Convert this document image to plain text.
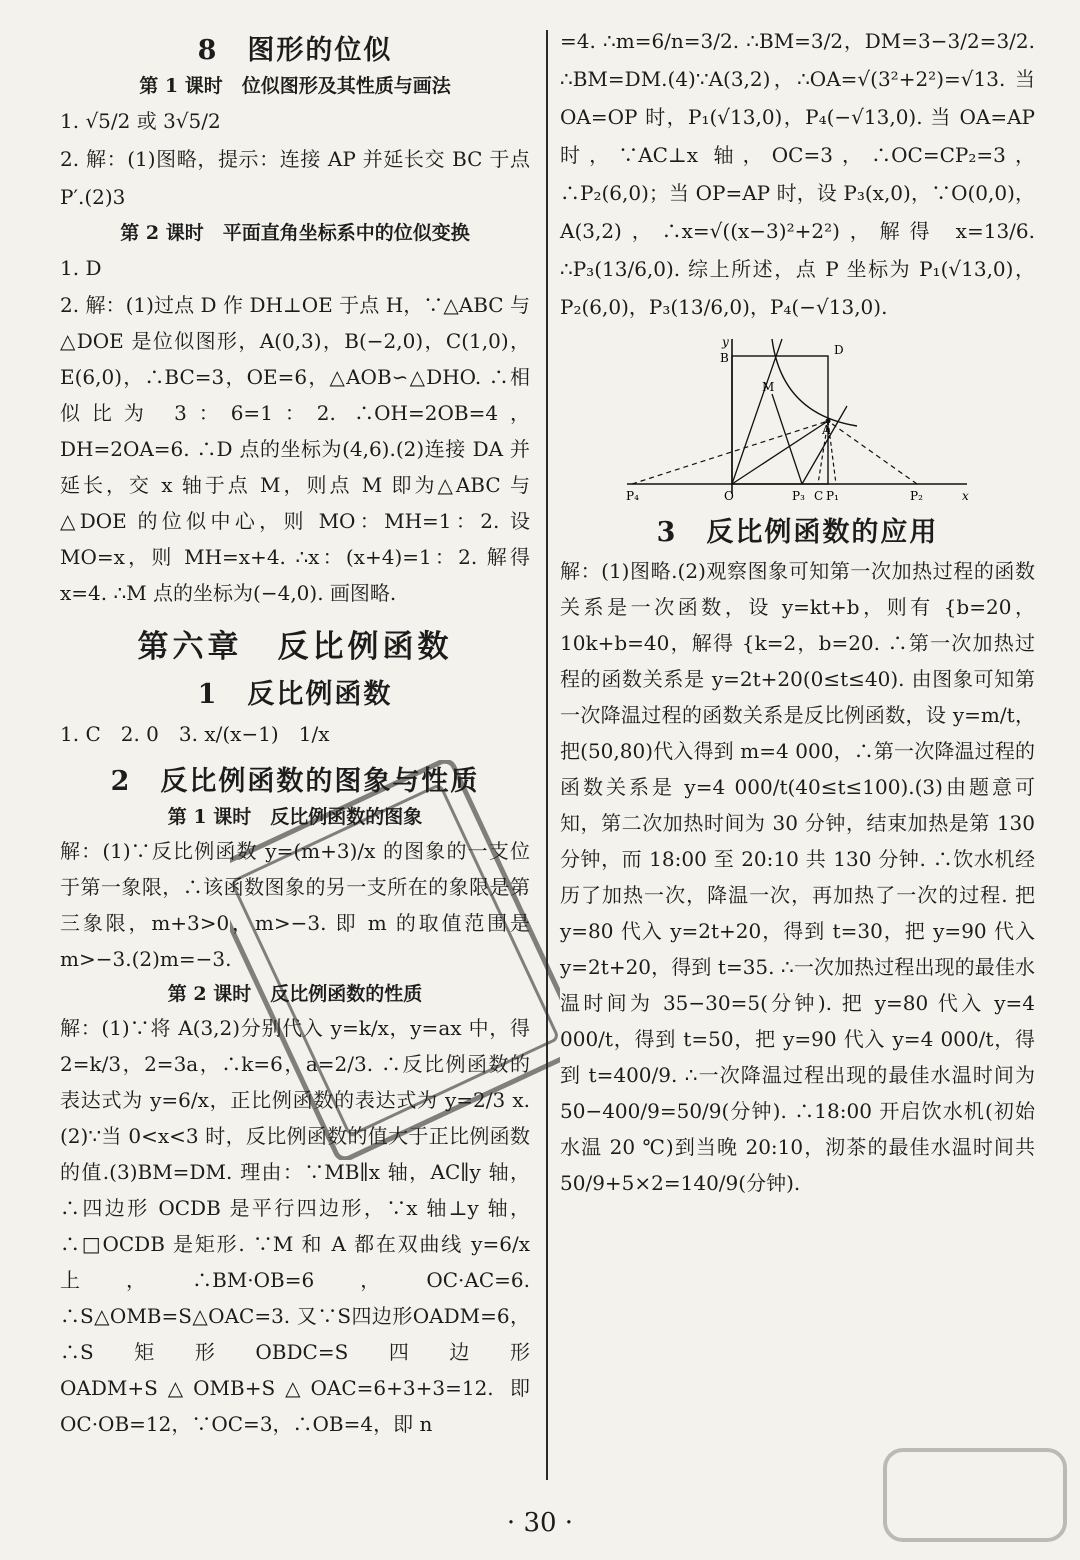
8　图形的位似
第 1 课时　位似图形及其性质与画法

1. √5/2 或 3√5/2

2. 解：(1)图略，提示：连接 AP 并延长交 BC 于点 P′.(2)3

第 2 课时　平面直角坐标系中的位似变换

1. D

2. 解：(1)过点 D 作 DH⊥OE 于点 H，∵△ABC 与△DOE 是位似图形，A(0,3)，B(−2,0)，C(1,0)，E(6,0)，∴BC=3，OE=6，△AOB∽△DHO. ∴相似比为 3：6=1：2. ∴OH=2OB=4，DH=2OA=6. ∴D 点的坐标为(4,6).(2)连接 DA 并延长，交 x 轴于点 M，则点 M 即为△ABC 与△DOE 的位似中心，则 MO：MH=1：2. 设 MO=x，则 MH=x+4. ∴x：(x+4)=1：2. 解得 x=4. ∴M 点的坐标为(−4,0). 画图略.

第六章　反比例函数
1　反比例函数

1. C　2. 0　3. x/(x−1)　1/x

2　反比例函数的图象与性质
第 1 课时　反比例函数的图象

解：(1)∵反比例函数 y=(m+3)/x 的图象的一支位于第一象限，∴该函数图象的另一支所在的象限是第三象限，m+3>0，m>−3. 即 m 的取值范围是 m>−3.(2)m=−3.

第 2 课时　反比例函数的性质

解：(1)∵将 A(3,2)分别代入 y=k/x，y=ax 中，得 2=k/3，2=3a，∴k=6，a=2/3. ∴反比例函数的表达式为 y=6/x，正比例函数的表达式为 y=2/3 x.(2)∵当 0<x<3 时，反比例函数的值大于正比例函数的值.(3)BM=DM. 理由：∵MB∥x 轴，AC∥y 轴，∴四边形 OCDB 是平行四边形，∵x 轴⊥y 轴，∴□OCDB 是矩形. ∵M 和 A 都在双曲线 y=6/x 上，∴BM·OB=6，OC·AC=6. ∴S△OMB=S△OAC=3. 又∵S四边形OADM=6，∴S矩形OBDC=S四边形OADM+S△OMB+S△OAC=6+3+3=12. 即 OC·OB=12，∵OC=3，∴OB=4，即 n

=4. ∴m=6/n=3/2. ∴BM=3/2，DM=3−3/2=3/2. ∴BM=DM.(4)∵A(3,2)，∴OA=√(3²+2²)=√13. 当 OA=OP 时，P₁(√13,0)，P₄(−√13,0). 当 OA=AP 时，∵AC⊥x 轴，OC=3，∴OC=CP₂=3，∴P₂(6,0)；当 OP=AP 时，设 P₃(x,0)，∵O(0,0)，A(3,2)，∴x=√((x−3)²+2²)，解得 x=13/6. ∴P₃(13/6,0). 综上所述，点 P 坐标为 P₁(√13,0)，P₂(6,0)，P₃(13/6,0)，P₄(−√13,0).

y
x
B
D
M
A
O
P₄	P₃ C P₁	P₂
3　反比例函数的应用

解：(1)图略.(2)观察图象可知第一次加热过程的函数关系是一次函数，设 y=kt+b，则有 {b=20，10k+b=40，解得 {k=2，b=20. ∴第一次加热过程的函数关系是 y=2t+20(0≤t≤40). 由图象可知第一次降温过程的函数关系是反比例函数，设 y=m/t，把(50,80)代入得到 m=4 000，∴第一次降温过程的函数关系是 y=4 000/t(40≤t≤100).(3)由题意可知，第二次加热时间为 30 分钟，结束加热是第 130 分钟，而 18:00 至 20:10 共 130 分钟. ∴饮水机经历了加热一次，降温一次，再加热了一次的过程. 把 y=80 代入 y=2t+20，得到 t=30，把 y=90 代入 y=2t+20，得到 t=35. ∴一次加热过程出现的最佳水温时间为 35−30=5(分钟). 把 y=80 代入 y=4 000/t，得到 t=50，把 y=90 代入 y=4 000/t，得到 t=400/9. ∴一次降温过程出现的最佳水温时间为 50−400/9=50/9(分钟). ∴18:00 开启饮水机(初始水温 20 ℃)到当晚 20:10，沏茶的最佳水温时间共 50/9+5×2=140/9(分钟).

· 30 ·
